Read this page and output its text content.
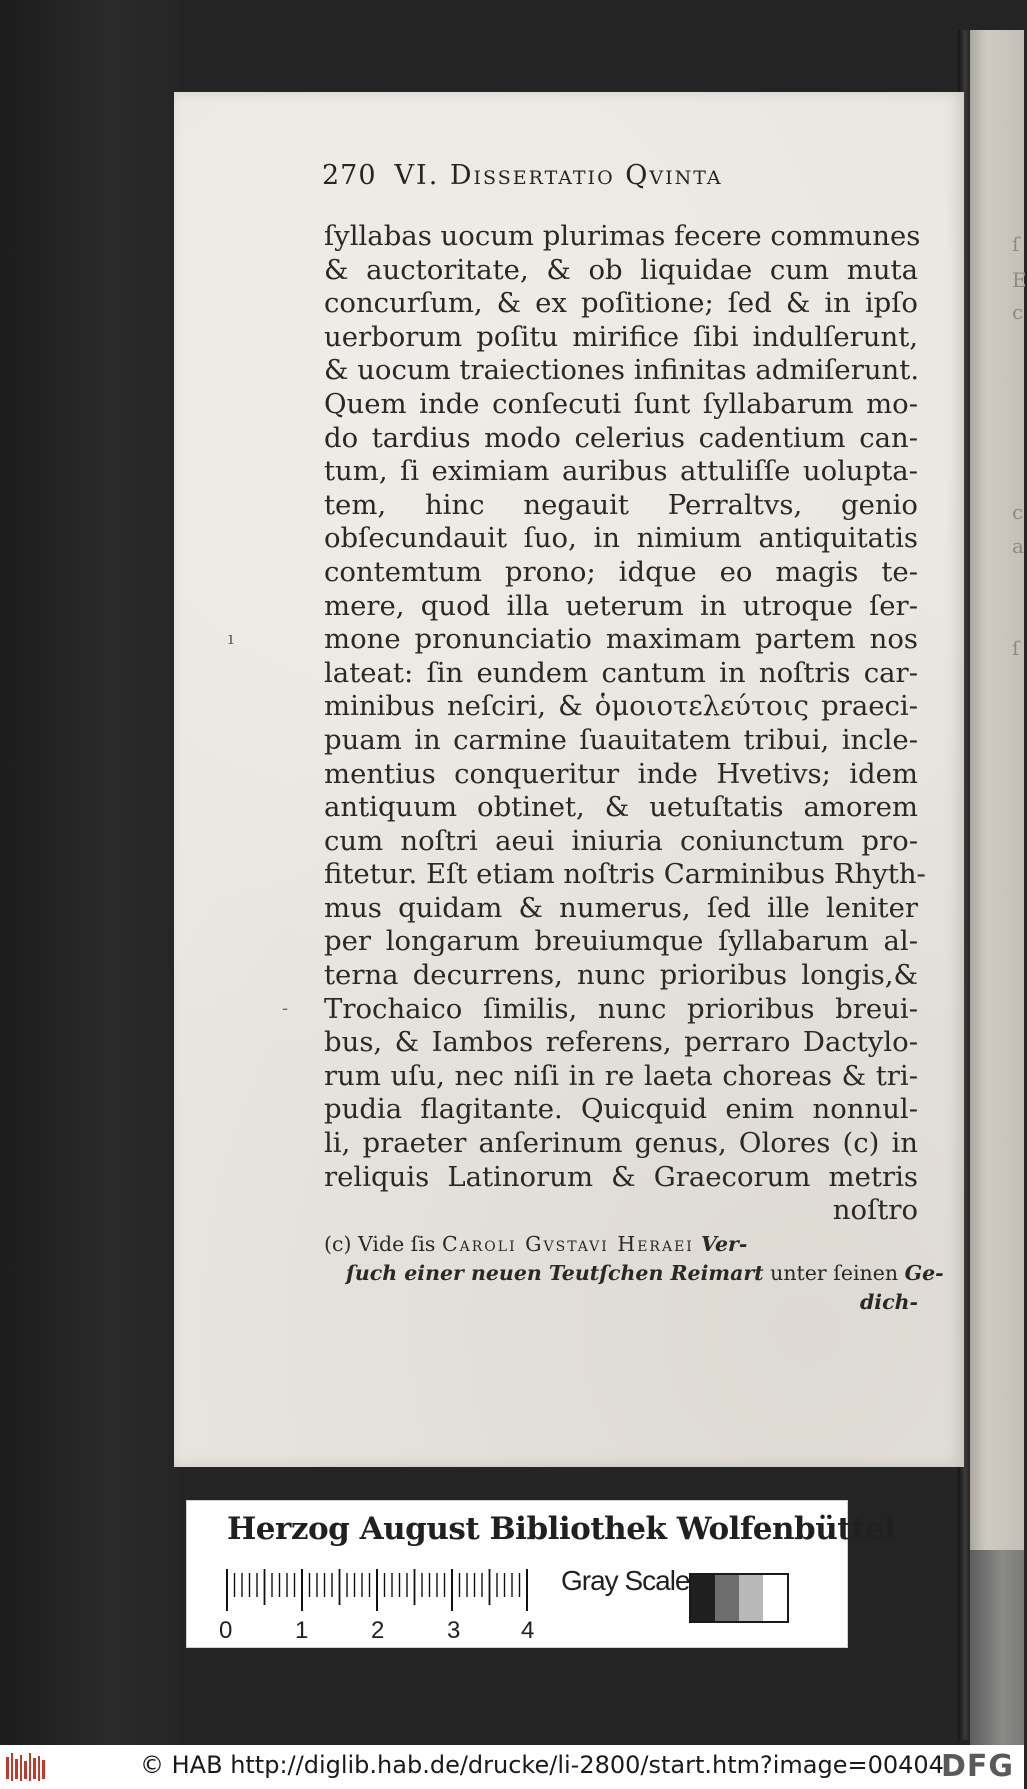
ſ
E
c
c
a
ſ
270 VI. Dissertatio Qvinta
ſyllabas uocum plurimas fecere communes
& auctoritate, & ob liquidae cum muta
concurſum, & ex poſitione; ſed & in ipſo
uerborum poſitu mirifice ſibi indulſerunt,
& uocum traiectiones infinitas admiſerunt.
Quem inde conſecuti ſunt ſyllabarum mo-
do tardius modo celerius cadentium can-
tum, ſi eximiam auribus attuliſſe uolupta-
tem, hinc negauit Perraltvs, genio
obſecundauit ſuo, in nimium antiquitatis
contemtum prono; idque eo magis te-
mere, quod illa ueterum in utroque ſer-
mone pronunciatio maximam partem nos
lateat: ſin eundem cantum in noſtris car-
minibus neſciri, & ὁμοιοτελεύτοις praeci-
puam in carmine ſuauitatem tribui, incle-
mentius conqueritur inde Hvetivs; idem
antiquum obtinet, & uetuſtatis amorem
cum noſtri aeui iniuria coniunctum pro-
fitetur. Eſt etiam noſtris Carminibus Rhyth-
mus quidam & numerus, ſed ille leniter
per longarum breuiumque ſyllabarum al-
terna decurrens, nunc prioribus longis,&
Trochaico ſimilis, nunc prioribus breui-
bus, & Iambos referens, perraro Dactylo-
rum uſu, nec niſi in re laeta choreas & tri-
pudia flagitante. Quicquid enim nonnul-
li, praeter anſerinum genus, Olores (c) in
reliquis Latinorum & Graecorum metris
noſtro
(c) Vide ſis Caroli Gvstavi Heraei Ver-
ſuch einer neuen Teutſchen Reimart unter ſeinen Ge-
dich-
ı
-
Herzog August Bibliothek Wolfenbüttel
0	1	2	3	4
Gray Scale
© HAB http://diglib.hab.de/drucke/li-2800/start.htm?image=00404
DFG
